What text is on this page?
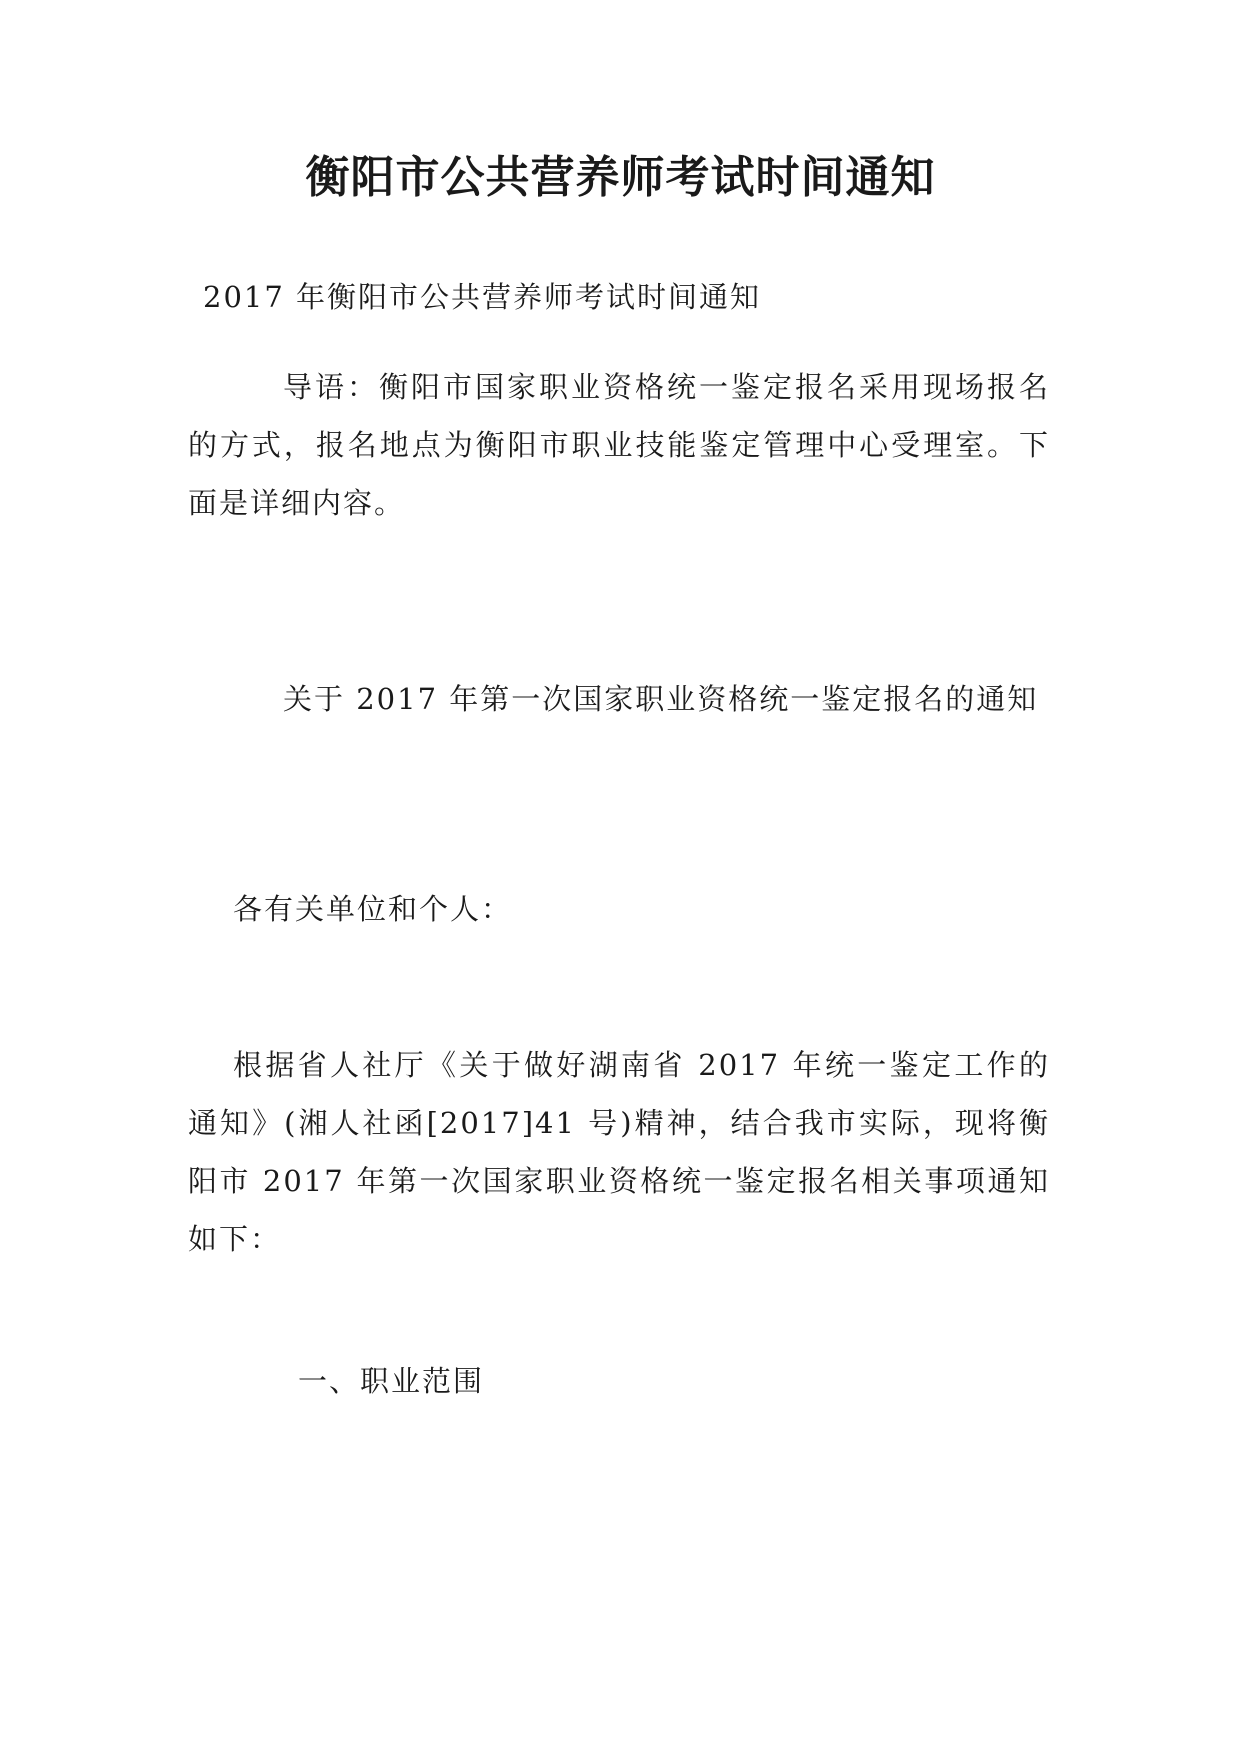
衡阳市公共营养师考试时间通知
2017 年衡阳市公共营养师考试时间通知
导语：衡阳市国家职业资格统一鉴定报名采用现场报名的方式，报名地点为衡阳市职业技能鉴定管理中心受理室。下面是详细内容。
关于 2017 年第一次国家职业资格统一鉴定报名的通知
各有关单位和个人：
根据省人社厅《关于做好湖南省 2017 年统一鉴定工作的通知》(湘人社函[2017]41 号)精神，结合我市实际，现将衡阳市 2017 年第一次国家职业资格统一鉴定报名相关事项通知如下：
一、职业范围
